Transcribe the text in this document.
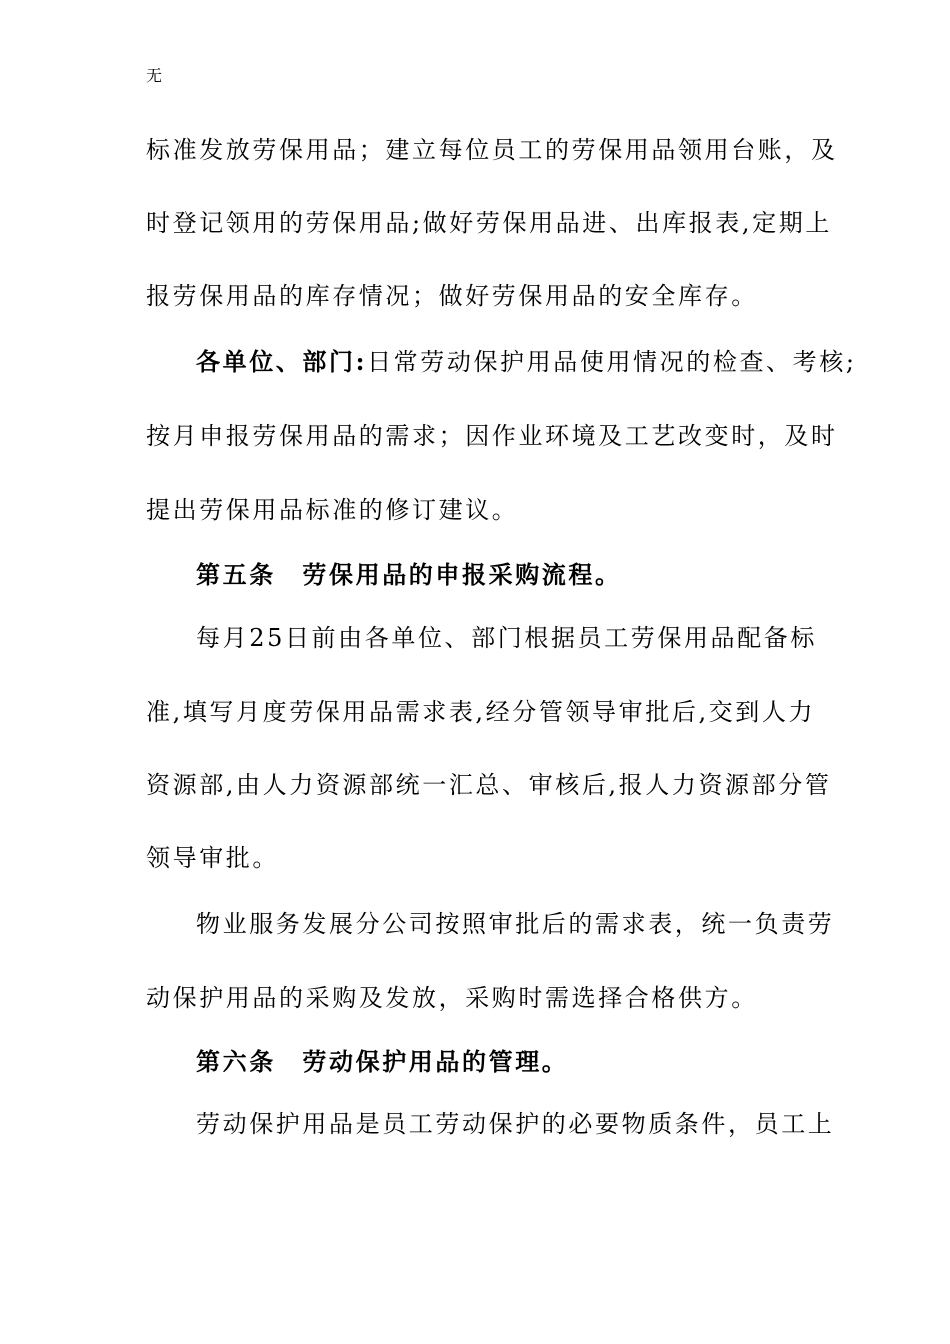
无
标准发放劳保用品；建立每位员工的劳保用品领用台账，及
时登记领用的劳保用品;做好劳保用品进、出库报表,定期上
报劳保用品的库存情况；做好劳保用品的安全库存。
各单位、部门:日常劳动保护用品使用情况的检查、考核;
按月申报劳保用品的需求；因作业环境及工艺改变时，及时
提出劳保用品标准的修订建议。
第五条　劳保用品的申报采购流程。
每月25日前由各单位、部门根据员工劳保用品配备标
准,填写月度劳保用品需求表,经分管领导审批后,交到人力
资源部,由人力资源部统一汇总、审核后,报人力资源部分管
领导审批。
物业服务发展分公司按照审批后的需求表，统一负责劳
动保护用品的采购及发放，采购时需选择合格供方。
第六条　劳动保护用品的管理。
劳动保护用品是员工劳动保护的必要物质条件，员工上
